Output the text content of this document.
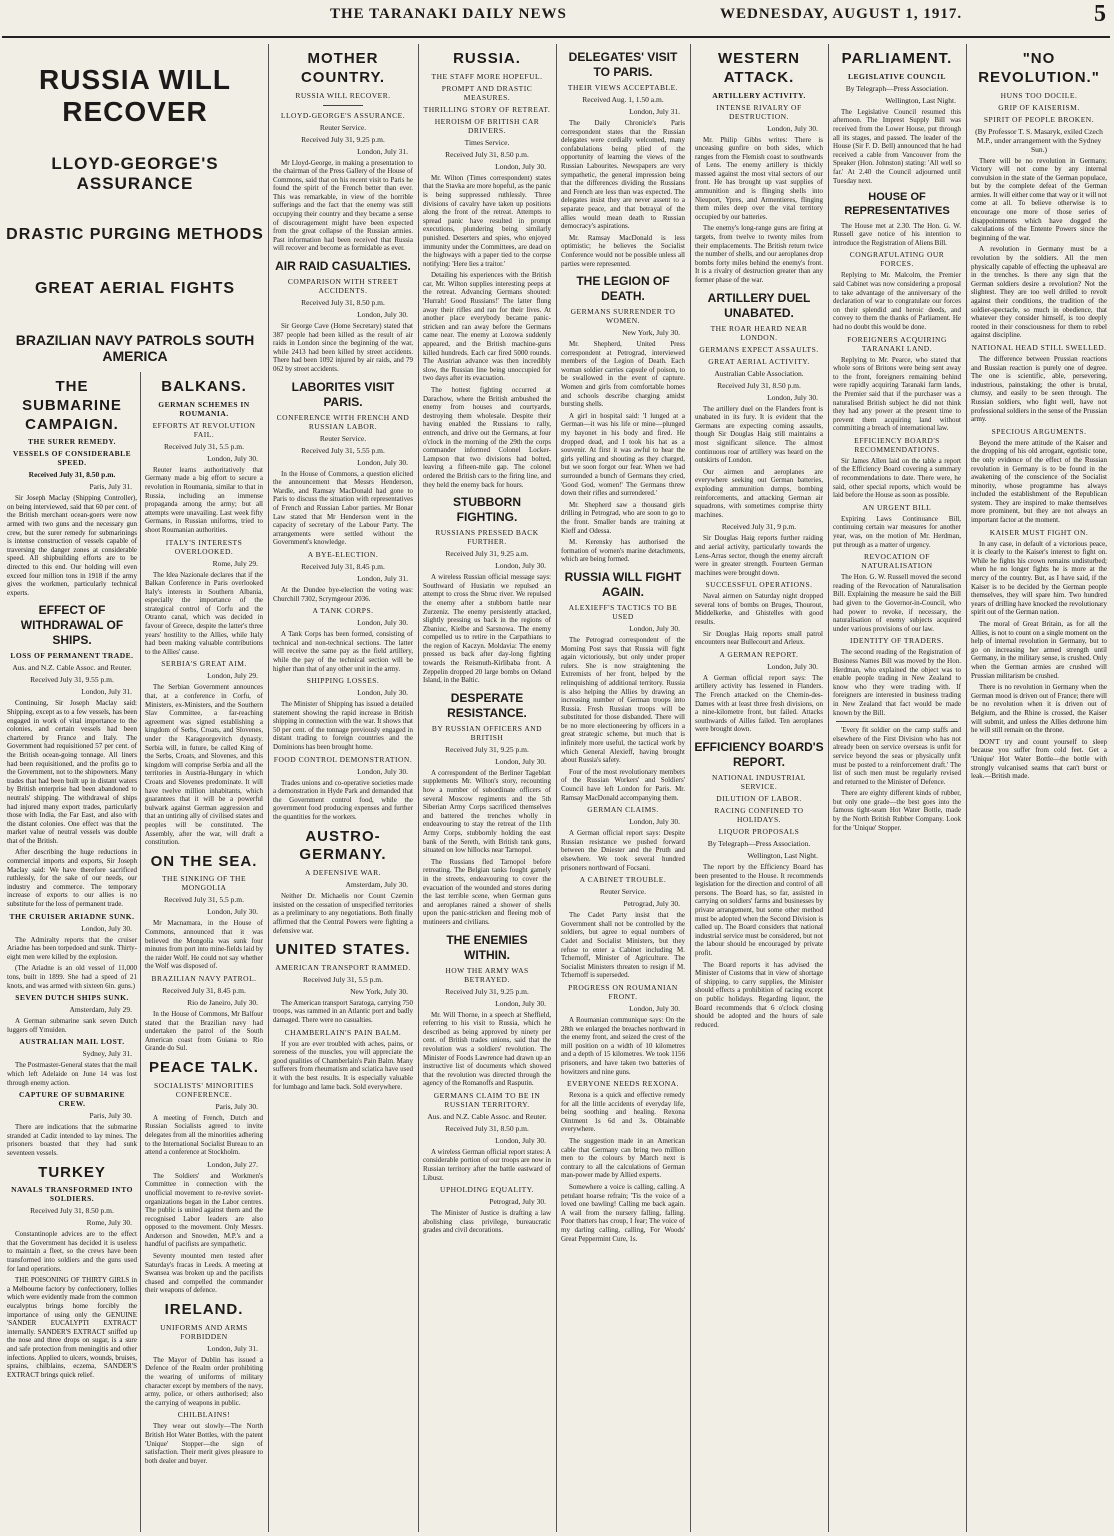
THE TARANAKI DAILY NEWS	WEDNESDAY, AUGUST 1, 1917.	5
RUSSIA WILL RECOVER
LLOYD-GEORGE'S ASSURANCE
DRASTIC PURGING METHODS
GREAT AERIAL FIGHTS
BRAZILIAN NAVY PATROLS SOUTH AMERICA
THE SUBMARINE CAMPAIGN.
THE SURER REMEDY.
VESSELS OF CONSIDERABLE SPEED.
Received July 31, 8.50 p.m.
Paris, July 31.
Sir Joseph Maclay (Shipping Controller), on being interviewed, said that 60 per cent. of the British merchant ocean-goers were now armed with two guns and the necessary gun crew, but the surer remedy for submarinings is intense construction of vessels capable of traversing the danger zones at considerable speed. All shipbuilding efforts are to be directed to this end. Our holding will even exceed four million tons in 1918 if the army gives the workmen, particularly technical experts.
EFFECT OF WITHDRAWAL OF SHIPS.
LOSS OF PERMANENT TRADE.
Aus. and N.Z. Cable Assoc. and Reuter.
Received July 31, 9.55 p.m.
London, July 31.
Continuing, Sir Joseph Maclay said: Shipping, except as to a few vessels, has been engaged in work of vital importance to the colonies, and certain vessels had been chartered by France and Italy. The Government had requisitioned 57 per cent. of the British ocean-going tonnage. All liners had been requisitioned, and the profits go to the Government, not to the shipowners. Many trades that had been built up in distant waters by British enterprise had been abandoned to neutrals' shipping. The withdrawal of ships had injured many export trades, particularly those with India, the Far East, and also with the distant colonies. One effect was that the market value of neutral vessels was double that of the British.
After describing the huge reductions in commercial imports and exports, Sir Joseph Maclay said: We have therefore sacrificed ruthlessly, for the sake of our needs, our industry and commerce. The temporary increase of exports to our allies is no substitute for the loss of permanent trade.
THE CRUISER ARIADNE SUNK.
London, July 30.
The Admiralty reports that the cruiser Ariadne has been torpedoed and sunk. Thirty-eight men were killed by the explosion.
(The Ariadne is an old vessel of 11,000 tons, built in 1899. She had a speed of 21 knots, and was armed with sixteen 6in. guns.)
SEVEN DUTCH SHIPS SUNK.
Amsterdam, July 29.
A German submarine sank seven Dutch luggers off Ymuiden.
AUSTRALIAN MAIL LOST.
Sydney, July 31.
The Postmaster-General states that the mail which left Adelaide on June 14 was lost through enemy action.
CAPTURE OF SUBMARINE CREW.
Paris, July 30.
There are indications that the submarine stranded at Cadiz intended to lay mines. The prisoners boasted that they had sunk seventeen vessels.
TURKEY
NAVALS TRANSFORMED INTO SOLDIERS.
Received July 31, 8.50 p.m.
Rome, July 30.
Constantinople advices are to the effect that the Government has decided it is useless to maintain a fleet, so the crews have been transformed into soldiers and the guns used for land operations.
THE POISONING OF THIRTY GIRLS in a Melbourne factory by confectionery, lollies which were evidently made from the common eucalyptus brings home forcibly the importance of using only the GENUINE 'SANDER EUCALYPTI EXTRACT' internally. SANDER'S EXTRACT sniffed up the nose and three drops on sugar, is a sure and safe protection from meningitis and other infections. Applied to ulcers, wounds, bruises, sprains, chilblains, eczema, SANDER'S EXTRACT brings quick relief.
BALKANS.
GERMAN SCHEMES IN ROUMANIA.
EFFORTS AT REVOLUTION FAIL.
Received July 31, 5.5 p.m.
London, July 30.
Reuter learns authoritatively that Germany made a big effort to secure a revolution in Roumania, similar to that in Russia, including an immense propaganda among the army; but all attempts were unavailing. Last week fifty Germans, in Russian uniforms, tried to shoot Roumanian authorities.
ITALY'S INTERESTS OVERLOOKED.
Rome, July 29.
The Idea Nazionale declares that if the Balkan Conference in Paris overlooked Italy's interests in Southern Albania, especially the importance of the strategical control of Corfu and the Otranto canal, which was decided in favour of Greece, despite the latter's three years' hostility to the Allies, while Italy had been making valuable contributions to the Allies' cause.
SERBIA'S GREAT AIM.
London, July 29.
The Serbian Government announces that, at a conference in Corfu, of Ministers, ex-Ministers, and the Southern Slav Committee, a far-reaching agreement was signed establishing a kingdom of Serbs, Croats, and Slovenes, under the Karageorgevitch dynasty. Serbia will, in future, be called King of the Serbs, Croats, and Slovenes, and this kingdom will comprise Serbia and all the territories in Austria-Hungary in which Croats and Slovenes predominate. It will have twelve million inhabitants, which guarantees that it will be a powerful bulwark against German aggression and that an untiring ally of civilised states and peoples will be constituted. The Assembly, after the war, will draft a constitution.
ON THE SEA.
THE SINKING OF THE MONGOLIA
Received July 31, 5.5 p.m.
London, July 30.
Mr Macnamara, in the House of Commons, announced that it was believed the Mongolia was sunk four minutes from port into mine-fields laid by the raider Wolf. He could not say whether the Wolf was disposed of.
BRAZILIAN NAVY PATROL.
Received July 31, 8.45 p.m.
Rio de Janeiro, July 30.
In the House of Commons, Mr Balfour stated that the Brazilian navy had undertaken the patrol of the South American coast from Guiana to Rio Grande do Sul.
PEACE TALK.
SOCIALISTS' MINORITIES CONFERENCE.
Paris, July 30.
A meeting of French, Dutch and Russian Socialists agreed to invite delegates from all the minorities adhering to the International Socialist Bureau to an attend a conference at Stockholm.
London, July 27.
The Soldiers' and Workmen's Committee in connection with the unofficial movement to re-revive soviet-organizations began in the Labor centres. The public is united against them and the recognised Labor leaders are also opposed to the movement. Only Messrs. Anderson and Snowden, M.P.'s and a handful of pacifists are sympathetic.
Seventy mounted men tested after Saturday's fracas in Leeds. A meeting at Swansea was broken up and the pacifists chased and compelled the commander their weapons of defence.
IRELAND.
UNIFORMS AND ARMS FORBIDDEN
London, July 31.
The Mayor of Dublin has issued a Defence of the Realm order prohibiting the wearing of uniforms of military character except by members of the navy, army, police, or others authorised; also the carrying of weapons in public.
CHILBLAINS!
They wear out slowly—The North British Hot Water Bottles, with the patent 'Unique' Stopper—the sign of satisfaction. Their merit gives pleasure to both dealer and buyer.
MOTHER COUNTRY.
RUSSIA WILL RECOVER.
LLOYD-GEORGE'S ASSURANCE.
Reuter Service.
Received July 31, 9.25 p.m.
London, July 31.
Mr Lloyd-George, in making a presentation to the chairman of the Press Gallery of the House of Commons, said that on his recent visit to Paris he found the spirit of the French better than ever. This was remarkable, in view of the horrible sufferings and the fact that the enemy was still occupying their country and they became a sense of discouragement might have been expected from the great collapse of the Russian armies. Past information had been received that Russia will recover and become as formidable as ever.
AIR RAID CASUALTIES.
COMPARISON WITH STREET ACCIDENTS.
Received July 31, 8.50 p.m.
London, July 30.
Sir George Cave (Home Secretary) stated that 387 people had been killed as the result of air raids in London since the beginning of the war, while 2413 had been killed by street accidents. There had been 1092 injured by air raids, and 79 062 by street accidents.
LABORITES VISIT PARIS.
CONFERENCE WITH FRENCH AND RUSSIAN LABOR.
Reuter Service.
Received July 31, 5.55 p.m.
London, July 30.
In the House of Commons, a question elicited the announcement that Messrs Henderson, Wardle, and Ramsay MacDonald had gone to Paris to discuss the situation with representatives of French and Russian Labor parties. Mr Bonar Law stated that Mr Henderson went in the capacity of secretary of the Labour Party. The arrangements were settled without the Government's knowledge.
A BYE-ELECTION.
Received July 31, 8.45 p.m.
London, July 31.
At the Dundee bye-election the voting was: Churchill 7302, Scrymgeour 2036.
A TANK CORPS.
London, July 30.
A Tank Corps has been formed, consisting of technical and non-technical sections. The latter will receive the same pay as the field artillery, while the pay of the technical section will be higher than that of any other unit in the army.
SHIPPING LOSSES.
London, July 30.
The Minister of Shipping has issued a detailed statement showing the rapid increase in British shipping in connection with the war. It shows that 50 per cent. of the tonnage previously engaged in distant trading to foreign countries and the Dominions has been brought home.
FOOD CONTROL DEMONSTRATION.
London, July 30.
Trades unions and co-operative societies made a demonstration in Hyde Park and demanded that the Government control food, while the government food producing expenses and further the quantities for the workers.
AUSTRO-GERMANY.
A DEFENSIVE WAR.
Amsterdam, July 30.
Neither Dr. Michaelis nor Count Czernin insisted on the cessation of unspecified territories as a preliminary to any negotiations. Both finally affirmed that the Central Powers were fighting a defensive war.
UNITED STATES.
AMERICAN TRANSPORT RAMMED.
Received July 31, 5.5 p.m.
New York, July 30.
The American transport Saratoga, carrying 750 troops, was rammed in an Atlantic port and badly damaged. There were no casualties.
CHAMBERLAIN'S PAIN BALM.
If you are ever troubled with aches, pains, or soreness of the muscles, you will appreciate the good qualities of Chamberlain's Pain Balm. Many sufferers from rheumatism and sciatica have used it with the best results. It is especially valuable for lumbago and lame back. Sold everywhere.
RUSSIA.
THE STAFF MORE HOPEFUL.
PROMPT AND DRASTIC MEASURES.
THRILLING STORY OF RETREAT.
HEROISM OF BRITISH CAR DRIVERS.
Times Service.
Received July 31, 8.50 p.m.
London, July 30.
Mr. Wilton (Times correspondent) states that the Stavka are more hopeful, as the panic is being suppressed ruthlessly. Three divisions of cavalry have taken up positions along the front of the retreat. Attempts to spread panic have resulted in prompt executions, plundering being similarly punished. Deserters and spies, who enjoyed immunity under the Committees, are dead on the highways with a paper tied to the corpse notifying: 'Here lies a traitor.'
Detailing his experiences with the British car, Mr. Wilton supplies interesting peeps at the retreat. Advancing Germans shouted: 'Hurrah! Good Russians!' The latter flung away their rifles and ran for their lives. At another place everybody became panic-stricken and ran away before the Germans came near. The enemy at Lozowa suddenly appeared, and the British machine-guns killed hundreds. Each car fired 5000 rounds. The Austrian advance was then incredibly slow, the Russian line being unoccupied for two days after its evacuation.
The hottest fighting occurred at Darachow, where the British ambushed the enemy from houses and courtyards, destroying them wholesale. Despite their having enabled the Russians to rally, entrench, and drive out the Germans, at four o'clock in the morning of the 29th the corps commander informed Colonel Locker-Lampson that two divisions had bolted, leaving a fifteen-mile gap. The colonel ordered the British cars to the firing line, and they held the enemy back for hours.
STUBBORN FIGHTING.
RUSSIANS PRESSED BACK FURTHER.
Received July 31, 9.25 a.m.
London, July 30.
A wireless Russian official message says: Southward of Husiatin we repulsed an attempt to cross the Sbruc river. We repulsed the enemy after a stubborn battle near Zurzeniz. The enemy persistently attacked, slightly pressing us back in the regions of Zbaniuc, Kielbe and Sarsnowa. The enemy compelled us to retire in the Carpathians to the region of Kaczyn. Moldavia: The enemy pressed us back after day-long fighting towards the Reismuth-Kirlibaba front. A Zeppelin dropped 20 large bombs on Oeland Island, in the Baltic.
DESPERATE RESISTANCE.
BY RUSSIAN OFFICERS AND BRITISH
Received July 31, 9.25 p.m.
London, July 30.
A correspondent of the Berliner Tageblatt supplements Mr. Wilton's story, recounting how a number of subordinate officers of several Moscow regiments and the 5th Siberian Army Corps sacrificed themselves and battered the trenches wholly in endeavouring to stay the retreat of the 11th Army Corps, stubbornly holding the east bank of the Sereth, with British tank guns, situated on low hillocks near Tarnopol.
The Russians fled Tarnopol before retreating. The Belgian tanks fought gamely in the streets, endeavouring to cover the evacuation of the wounded and stores during the last terrible scene, when German guns and aeroplanes rained a shower of shells upon the panic-stricken and fleeing mob of mutineers and civilians.
THE ENEMIES WITHIN.
HOW THE ARMY WAS BETRAYED.
Received July 31, 9.25 p.m.
London, July 30.
Mr. Will Thorne, in a speech at Sheffield, referring to his visit to Russia, which he described as being approved by ninety per cent. of British trades unions, said that the revolution was a soldiers' revolution. The Minister of Foods Lawrence had drawn up an instructive list of documents which showed that the revolution was directed through the agency of the Romanoffs and Rasputin.
GERMANS CLAIM TO BE IN RUSSIAN TERRITORY.
Aus. and N.Z. Cable Assoc. and Reuter.
Received July 31, 8.50 p.m.
London, July 30.
A wireless German official report states: A considerable portion of our troops are now in Russian territory after the battle eastward of Libusz.
UPHOLDING EQUALITY.
Petrograd, July 30.
The Minister of Justice is drafting a law abolishing class privilege, bureaucratic grades and civil decorations.
DELEGATES' VISIT TO PARIS.
THEIR VIEWS ACCEPTABLE.
Received Aug. 1, 1.50 a.m.
London, July 31.
The Daily Chronicle's Paris correspondent states that the Russian delegates were cordially welcomed, many confabulations being plied of the opportunity of learning the views of the Russian Labourites. Newspapers are very sympathetic, the general impression being that the differences dividing the Russians and French are less than was expected. The delegates insist they are never assent to a separate peace, and that betrayal of the allies would mean death to Russian democracy's aspirations.
Mr. Ramsay MacDonald is less optimistic; he believes the Socialist Conference would not be possible unless all parties were represented.
THE LEGION OF DEATH.
GERMANS SURRENDER TO WOMEN.
New York, July 30.
Mr. Shepherd, United Press correspondent at Petrograd, interviewed members of the Legion of Death. Each woman soldier carries capsule of poison, to be swallowed in the event of capture. Women and girls from comfortable homes and schools describe charging amidst bursting shells.
A girl in hospital said: 'I lunged at a German—it was his life or mine—plunged my bayonet in his body and fired. He dropped dead, and I took his hat as a souvenir. At first it was awful to hear the girls yelling and shouting as they charged, but we soon forgot our fear. When we had surrounded a bunch of Germans they cried, 'Good God, women!' The Germans threw down their rifles and surrendered.'
Mr. Shepherd saw a thousand girls drilling in Petrograd, who are soon to go to the front. Smaller bands are training at Kieff and Odessa.
M. Kerensky has authorised the formation of women's marine detachments, which are being formed.
RUSSIA WILL FIGHT AGAIN.
ALEXIEFF'S TACTICS TO BE USED
London, July 30.
The Petrograd correspondent of the Morning Post says that Russia will fight again victoriously, but only under proper rulers. She is now straightening the Extremists of her front, helped by the relinquishing of additional territory. Russia is also helping the Allies by drawing an increasing number of German troops into Russia. Fresh Russian troops will be substituted for those disbanded. There will be no more electioneering by officers in a great strategic scheme, but much that is infinitely more useful, the tactical work by which General Alexieff, having brought about Russia's safety.
Four of the most revolutionary members of the Russian Workers' and Soldiers' Council have left London for Paris. Mr. Ramsay MacDonald accompanying them.
GERMAN CLAIMS.
London, July 30.
A German official report says: Despite Russian resistance we pushed forward between the Dniester and the Pruth and elsewhere. We took several hundred prisoners northward of Focsani.
A CABINET TROUBLE.
Reuter Service.
Petrograd, July 30.
The Cadet Party insist that the Government shall not be controlled by the soldiers, but agree to equal numbers of Cadet and Socialist Ministers, but they refuse to enter a Cabinet including M. Tchernoff, Minister of Agriculture. The Socialist Ministers threaten to resign if M. Tchernoff is superseded.
PROGRESS ON ROUMANIAN FRONT.
London, July 30.
A Roumanian communique says: On the 28th we enlarged the breaches northward in the enemy front, and seized the crest of the mill position on a width of 10 kilometres and a depth of 15 kilometres. We took 1156 prisoners, and have taken two batteries of howitzers and nine guns.
EVERYONE NEEDS REXONA.
Rexona is a quick and effective remedy for all the little accidents of everyday life, being soothing and healing. Rexona Ointment 1s 6d and 3s. Obtainable everywhere.
The suggestion made in an American cable that Germany can bring two million men to the colours by March next is contrary to all the calculations of German man-power made by Allied experts.
Somewhere a voice is calling, calling. A petulant hoarse refrain; 'Tis the voice of a loved one bawling! Calling me back again. A wail from the nursery falling, falling. Poor thatters has croup, I fear; The voice of my darling calling, calling, For Woods' Great Peppermint Cure, 1s.
WESTERN ATTACK.
ARTILLERY ACTIVITY.
INTENSE RIVALRY OF DESTRUCTION.
London, July 30.
Mr. Philip Gibbs writes: There is unceasing gunfire on both sides, which ranges from the Flemish coast to southwards of Lens. The enemy artillery is thickly massed against the most vital sectors of our front. He has brought up vast supplies of ammunition and is flinging shells into Nieuport, Ypres, and Armentieres, flinging them miles deep over the vital territory occupied by our batteries.
The enemy's long-range guns are firing at targets, from twelve to twenty miles from their emplacements. The British return twice the number of shells, and our aeroplanes drop bombs forty miles behind the enemy's front. It is a rivalry of destruction greater than any former phase of the war.
ARTILLERY DUEL UNABATED.
THE ROAR HEARD NEAR LONDON.
GERMANS EXPECT ASSAULTS.
GREAT AERIAL ACTIVITY.
Australian Cable Association.
Received July 31, 8.50 p.m.
London, July 30.
The artillery duel on the Flanders front is unabated in its fury. It is evident that the Germans are expecting coming assaults, though Sir Douglas Haig still maintains a most significant silence. The almost continuous roar of artillery was heard on the outskirts of London.
Our airmen and aeroplanes are everywhere seeking out German batteries, exploding ammunition dumps, bombing reinforcements, and attacking German air squadrons, with sometimes comprise thirty machines.
Received July 31, 9 p.m.
Sir Douglas Haig reports further raiding and aerial activity, particularly towards the Lens-Arras sector, though the enemy aircraft were in greater strength. Fourteen German machines were brought down.
SUCCESSFUL OPERATIONS.
Naval airmen on Saturday night dropped several tons of bombs on Bruges, Thourout, Middelkerke, and Ghistelles with good results.
Sir Douglas Haig reports small patrol encounters near Bullecourt and Arleux.
A GERMAN REPORT.
London, July 30.
A German official report says: The artillery activity has lessened in Flanders. The French attacked on the Chemin-des-Dames with at least three fresh divisions, on a nine-kilometre front, but failed. Attacks southwards of Ailles failed. Ten aeroplanes were brought down.
EFFICIENCY BOARD'S REPORT.
NATIONAL INDUSTRIAL SERVICE.
DILUTION OF LABOR.
RACING CONFINED TO HOLIDAYS.
LIQUOR PROPOSALS
By Telegraph—Press Association.
Wellington, Last Night.
The report by the Efficiency Board has been presented to the House. It recommends legislation for the direction and control of all persons. The Board has, so far, assisted in carrying on soldiers' farms and businesses by private arrangement, but some other method must be adopted when the Second Division is called up. The Board considers that national industrial service must be considered, but not the labour should be encouraged by private profit.
The Board reports it has advised the Minister of Customs that in view of shortage of shipping, to carry supplies, the Minister should effects a prohibition of racing except on public holidays. Regarding liquor, the Board recommends that 6 o'clock closing should be adopted and the hours of sale reduced.
PARLIAMENT.
LEGISLATIVE COUNCIL
By Telegraph—Press Association.
Wellington, Last Night.
The Legislative Council resumed this afternoon. The Imprest Supply Bill was received from the Lower House, put through all its stages, and passed. The leader of the House (Sir F. D. Bell) announced that he had received a cable from Vancouver from the Speaker (Hon. Johnston) stating: 'All well so far.' At 2.40 the Council adjourned until Tuesday next.
HOUSE OF REPRESENTATIVES
The House met at 2.30. The Hon. G. W. Russell gave notice of his intention to introduce the Registration of Aliens Bill.
CONGRATULATING OUR FORCES.
Replying to Mr. Malcolm, the Premier said Cabinet was now considering a proposal to take advantage of the anniversary of the declaration of war to congratulate our forces on their splendid and heroic deeds, and convey to them the thanks of Parliament. He had no doubt this would be done.
FOREIGNERS ACQUIRING TARANAKI LAND.
Replying to Mr. Pearce, who stated that whole sons of Britons were being sent away to the front, foreigners remaining behind were rapidly acquiring Taranaki farm lands, the Premier said that if the purchaser was a naturalised British subject he did not think they had any power at the present time to prevent them acquiring land without committing a breach of international law.
EFFICIENCY BOARD'S RECOMMENDATIONS.
Sir James Allen laid on the table a report of the Efficiency Board covering a summary of recommendations to date. There were, he said, other special reports, which would be laid before the House as soon as possible.
AN URGENT BILL
Expiring Laws Continuance Bill, continuing certain war measures for another year, was, on the motion of Mr. Herdman, put through as a matter of urgency.
REVOCATION OF NATURALISATION
The Hon. G. W. Russell moved the second reading of the Revocation of Naturalisation Bill. Explaining the measure he said the Bill had given to the Governor-in-Council, who had power to revoke, if necessary, the naturalisation of enemy subjects acquired under various provisions of our law.
IDENTITY OF TRADERS.
The second reading of the Registration of Business Names Bill was moved by the Hon. Herdman, who explained the object was to enable people trading in New Zealand to know who they were trading with. If foreigners are interested in business trading in New Zealand that fact would be made known by the Bill.
'Every fit soldier on the camp staffs and elsewhere of the First Division who has not already been on service overseas is unfit for service beyond the seas or physically unfit must be posted to a reinforcement draft.' The list of such men must be regularly revised and returned to the Minister of Defence.
There are eighty different kinds of rubber, but only one grade—the best goes into the famous tight-seam Hot Water Bottle, made by the North British Rubber Company. Look for the 'Unique' Stopper.
"NO REVOLUTION."
HUNS TOO DOCILE.
GRIP OF KAISERISM.
SPIRIT OF PEOPLE BROKEN.
(By Professor T. S. Masaryk, exiled Czech M.P., under arrangement with the Sydney Sun.)
There will be no revolution in Germany. Victory will not come by any internal convulsion in the state of the German populace, but by the complete defeat of the German armies. It will either come that way or it will not come at all. To believe otherwise is to encourage one more of those series of disappointments which have dogged the calculations of the Entente Powers since the beginning of the war.
A revolution in Germany must be a revolution by the soldiers. All the men physically capable of effecting the upheaval are in the trenches. Is there any sign that the German soldiers desire a revolution? Not the slightest. They are too well drilled to revolt against their conditions, the tradition of the soldier-spectacle, so much in obedience, that whatever they consider himself, is too deeply rooted in their consciousness for them to rebel against discipline.
NATIONAL HEAD STILL SWELLED.
The difference between Prussian reactions and Russian reaction is purely one of degree. The one is scientific, able, persevering, industrious, painstaking; the other is brutal, clumsy, and easily to be seen through. The Russian soldiers, who fight well, have not professional soldiers in the sense of the Prussian army.
SPECIOUS ARGUMENTS.
Beyond the mere attitude of the Kaiser and the dropping of his old arrogant, egotistic tone, the only evidence of the effect of the Russian revolution in Germany is to be found in the awakening of the conscience of the Socialist minority, whose programme has always included the establishment of the Republican system. They are inspired to make themselves more prominent, but they are not always an important factor at the moment.
KAISER MUST FIGHT ON.
In any case, in default of a victorious peace, it is clearly to the Kaiser's interest to fight on. While he fights his crown remains undisturbed; when he no longer fights he is more at the mercy of the country. But, as I have said, if the Kaiser is to be decided by the German people themselves, they will spare him. Two hundred years of drilling have knocked the revolutionary spirit out of the German nation.
The moral of Great Britain, as for all the Allies, is not to count on a single moment on the help of internal revolution in Germany, but to go on increasing her armed strength until Germany, in the military sense, is crushed. Only when the German armies are crushed will Prussian militarism be crushed.
There is no revolution in Germany when the German mood is driven out of France; there will be no revolution when it is driven out of Belgium, and the Rhine is crossed, the Kaiser will submit, and unless the Allies dethrone him he will still remain on the throne.
DON'T try and count yourself to sleep because you suffer from cold feet. Get a 'Unique' Hot Water Bottle—the bottle with strongly vulcanised seams that can't burst or leak.—British made.
